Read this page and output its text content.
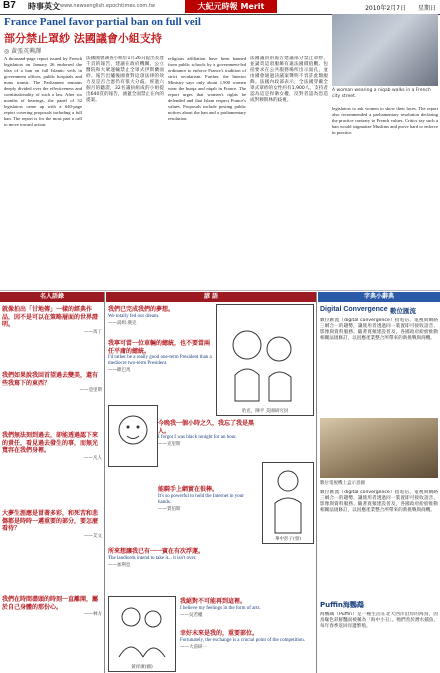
B7 時事英文 www.newsenglish.epochtimes.com.tw	大紀元時報 Merit Times
2010年2月7日 星期日
France Panel favor partial ban on full veil
部分禁止罩紗 法國議會小組支持
◎ 黃張英興譯
A thousand-page report issued by French legislators on January 26 endorsed the idea of a ban on full Islamic veils in government offices, public hospitals and mass transit. The Parliament remains deeply divided over the effectiveness and constitutionality of such a law. After six months of hearings, the panel of 32 legislators came up with a 640-page report covering proposals including a full ban. The report is for the most part a call to move toward action.
法國國會調查小組於1月26日提出長達千頁的報告，建議在政府機關、公立醫院和大眾運輸禁止全罩式伊斯蘭面紗。報告出爐後國會對這項法律的效力及是否合憲仍有很大分歧。經過六個月的聽證，32名議員組成的小組提出640頁的報告，涵蓋全面禁止在內的提案。
religious affiliation have been banned from public schools by a government-led ordinance to enforce France's tradition of strict secularism. Further, the Interior Ministry says only about 1,900 women wear the burqa and niqab in France. The report urges that women's rights be defended and that Islam respect France's values. Proposals include posting public notices about the ban and a parliamentary resolution.
法國議員的報告建議部分禁止罩紗，並譴責這項服飾有違法國價值觀。包括要求在公共服務場所出示面孔，並由國會通過決議案聲明不容許此類服飾。法國內政部表示，全法國穿戴全罩式罩紗的女性約有1,900人。支持者認為這是捍衛女權，反對者認為恐造成對穆斯林的歧視。
A woman wearing a niqab walks in a French city street.
legislators to ask women to show their faces. The report also recommended a parliamentary resolution declaring the practice contrary to French values. Critics say such a ban would stigmatize Muslims and prove hard to enforce in practice.
名人語錄	諺 語	字典小辭典
就像拍出「甘地傳」一樣的經典作品，因不是可以在策略層面的世界證明。
——馬丁
我們如果說我回首望過去變美，還有些我寫下的東西？
——亞里斯
我們無法刻到過去，卻能透過認下來的責任，看見過去發生的事，而無光寬容在我們身裡。
——凡人
大夢生涯應是冒著多彩，和死苦和悲傷都是時時一邁重要的部分，要怎麼看待？
——艾文
我們在時間盡頭的時刻一直離開，屬於自己身體的那份心。
——林方
我們已完成我們的夢想。
We totally fed our dream.
——湯姆.漢克
我寧可當一位車輛的總統，也不要當兩任平庸的總統。
I'd rather be a really good one-term President than a mediocre two-term President.
——歐巴馬
今晚我一個小時之久，我忘了我是黑人。
I forgot I was black tonight for an hour.
——克里斯
能騎手上網實在很棒。
It's so powerful to hold the Internet in your hands.
——賈伯斯
所來想讓我已有一一賓在有次浮運。
The landlords intend to take it... it isn't over.
——加利亞
我絕對不可能再到這裡。
I believe my feelings in the form of arts.
——吳若權
幸好未來是我的，重要部位。
Fortunately, the exchange is a crucial point of the competition.
——大前研一
哈克，陳平 美國研究員
華中彭子(發)
黃祥廣(圖)
Digital Convergence 數位匯流
數位匯流（digital convergence）指電信、電視與網路三網合一的趨勢，讓使用者透過同一裝置即可接收語音、影像與資料服務。隨著寬頻建設普及，各國政府紛紛推動相關法規修訂，以因應產業整合所帶來的新挑戰與商機。
數位電視機上盒示意圖
數位匯流（digital convergence）指電信、電視與網路三網合一的趨勢，讓使用者透過同一裝置即可接收語音、影像與資料服務。隨著寬頻建設普及，各國政府紛紛推動相關法規修訂，以因應產業整合所帶來的新挑戰與商機。
Puffin海鸚鵡
海鸚鵡（Puffin）是一種生活在北大西洋沿岸的海鳥，因鳥喙色彩鮮豔而被稱為「海中小丑」。牠們善於潛水捕魚，每年春季返回岸邊繁殖。
